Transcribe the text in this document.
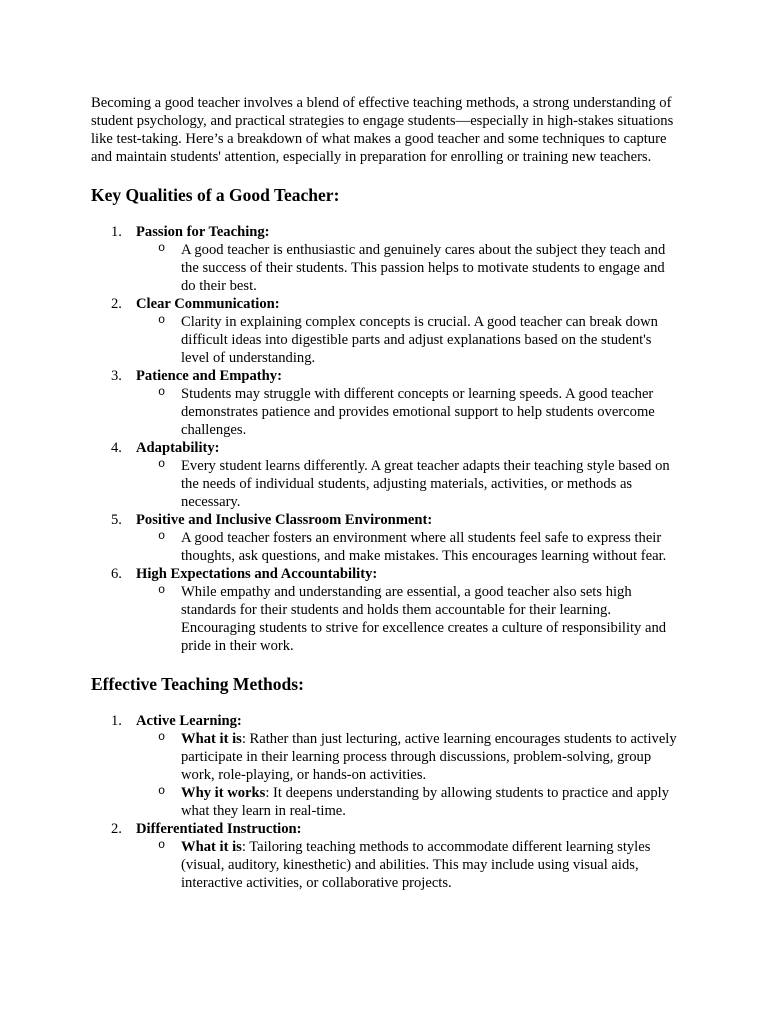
Becoming a good teacher involves a blend of effective teaching methods, a strong understanding of student psychology, and practical strategies to engage students—especially in high-stakes situations like test-taking. Here’s a breakdown of what makes a good teacher and some techniques to capture and maintain students' attention, especially in preparation for enrolling or training new teachers.

Key Qualities of a Good Teacher:
1. Passion for Teaching:
o A good teacher is enthusiastic and genuinely cares about the subject they teach and the success of their students. This passion helps to motivate students to engage and do their best.
2. Clear Communication:
o Clarity in explaining complex concepts is crucial. A good teacher can break down difficult ideas into digestible parts and adjust explanations based on the student's level of understanding.
3. Patience and Empathy:
o Students may struggle with different concepts or learning speeds. A good teacher demonstrates patience and provides emotional support to help students overcome challenges.
4. Adaptability:
o Every student learns differently. A great teacher adapts their teaching style based on the needs of individual students, adjusting materials, activities, or methods as necessary.
5. Positive and Inclusive Classroom Environment:
o A good teacher fosters an environment where all students feel safe to express their thoughts, ask questions, and make mistakes. This encourages learning without fear.
6. High Expectations and Accountability:
o While empathy and understanding are essential, a good teacher also sets high standards for their students and holds them accountable for their learning. Encouraging students to strive for excellence creates a culture of responsibility and pride in their work.
Effective Teaching Methods:
1. Active Learning:
o What it is: Rather than just lecturing, active learning encourages students to actively participate in their learning process through discussions, problem-solving, group work, role-playing, or hands-on activities.
o Why it works: It deepens understanding by allowing students to practice and apply what they learn in real-time.
2. Differentiated Instruction:
o What it is: Tailoring teaching methods to accommodate different learning styles (visual, auditory, kinesthetic) and abilities. This may include using visual aids, interactive activities, or collaborative projects.
